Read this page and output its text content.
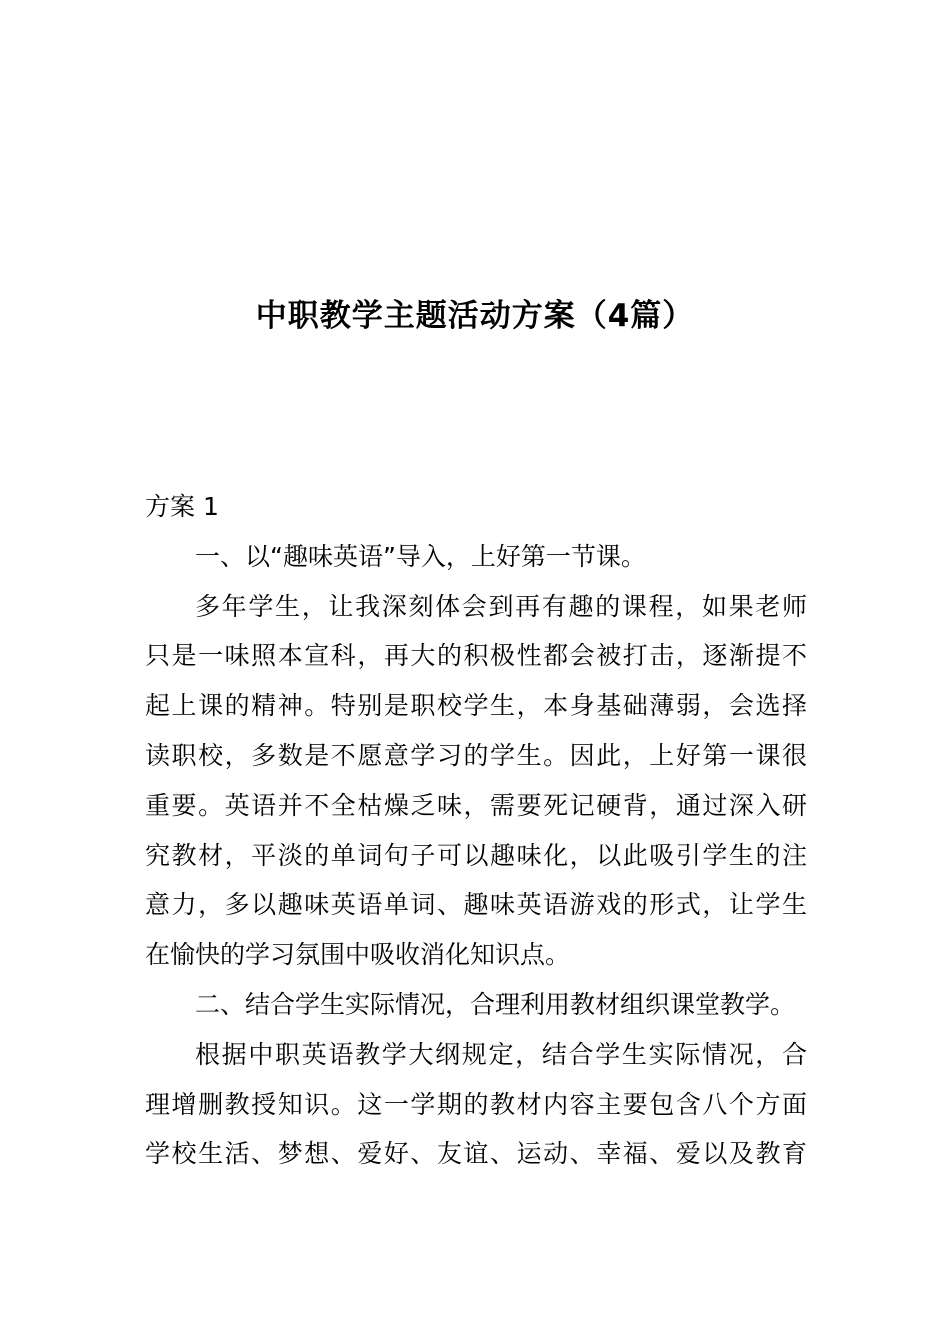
中职教学主题活动方案（4篇）

方案 1

一、以“趣味英语”导入，上好第一节课。

多年学生，让我深刻体会到再有趣的课程，如果老师

只是一味照本宣科，再大的积极性都会被打击，逐渐提不

起上课的精神。特别是职校学生，本身基础薄弱，会选择

读职校，多数是不愿意学习的学生。因此，上好第一课很

重要。英语并不全枯燥乏味，需要死记硬背，通过深入研

究教材，平淡的单词句子可以趣味化，以此吸引学生的注

意力，多以趣味英语单词、趣味英语游戏的形式，让学生

在愉快的学习氛围中吸收消化知识点。

二、结合学生实际情况，合理利用教材组织课堂教学。

根据中职英语教学大纲规定，结合学生实际情况，合

理增删教授知识。这一学期的教材内容主要包含八个方面

学校生活、梦想、爱好、友谊、运动、幸福、爱以及教育
